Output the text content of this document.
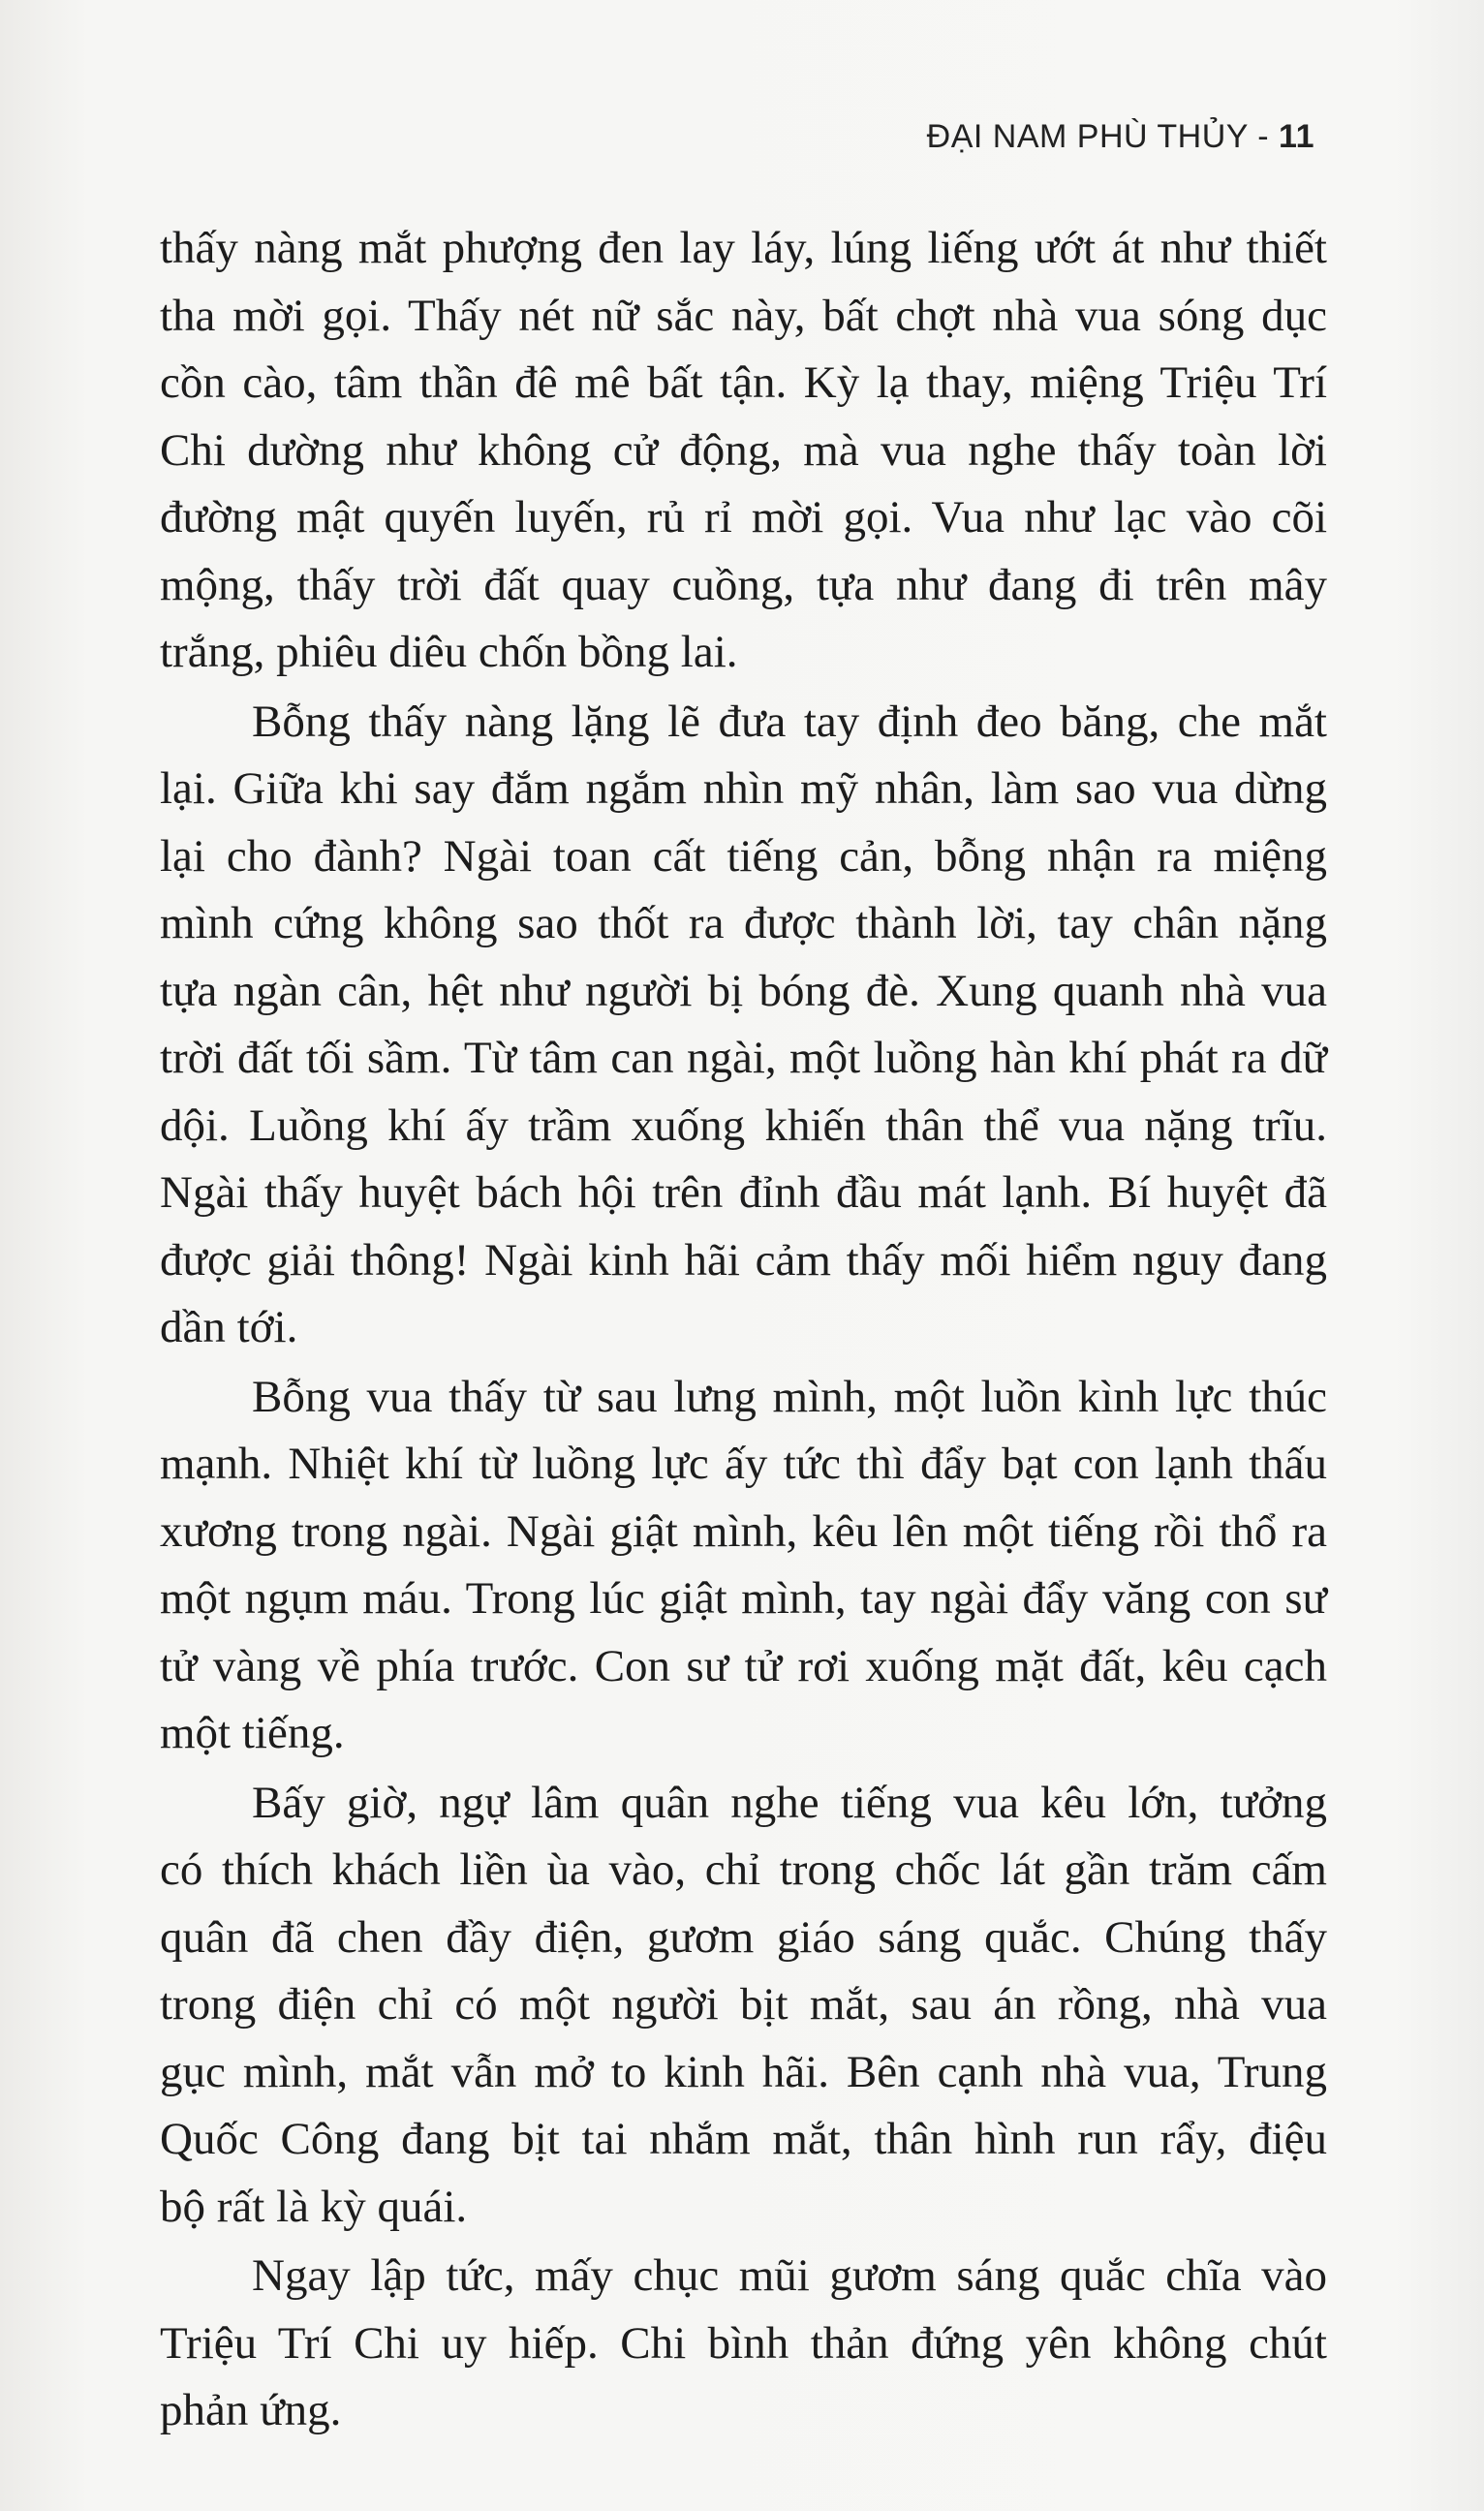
ĐẠI NAM PHÙ THỦY - 11

thấy nàng mắt phượng đen lay láy, lúng liếng ướt át như thiết
tha mời gọi. Thấy nét nữ sắc này, bất chợt nhà vua sóng dục
cồn cào, tâm thần đê mê bất tận. Kỳ lạ thay, miệng Triệu Trí
Chi dường như không cử động, mà vua nghe thấy toàn lời
đường mật quyến luyến, rủ rỉ mời gọi. Vua như lạc vào cõi
mộng, thấy trời đất quay cuồng, tựa như đang đi trên mây
trắng, phiêu diêu chốn bồng lai.

Bỗng thấy nàng lặng lẽ đưa tay định đeo băng, che mắt
lại. Giữa khi say đắm ngắm nhìn mỹ nhân, làm sao vua dừng
lại cho đành? Ngài toan cất tiếng cản, bỗng nhận ra miệng
mình cứng không sao thốt ra được thành lời, tay chân nặng
tựa ngàn cân, hệt như người bị bóng đè. Xung quanh nhà vua
trời đất tối sầm. Từ tâm can ngài, một luồng hàn khí phát ra dữ
dội. Luồng khí ấy trầm xuống khiến thân thể vua nặng trĩu.
Ngài thấy huyệt bách hội trên đỉnh đầu mát lạnh. Bí huyệt đã
được giải thông! Ngài kinh hãi cảm thấy mối hiểm nguy đang
dần tới.

Bỗng vua thấy từ sau lưng mình, một luồn kình lực thúc
mạnh. Nhiệt khí từ luồng lực ấy tức thì đẩy bạt con lạnh thấu
xương trong ngài. Ngài giật mình, kêu lên một tiếng rồi thổ ra
một ngụm máu. Trong lúc giật mình, tay ngài đẩy văng con sư
tử vàng về phía trước. Con sư tử rơi xuống mặt đất, kêu cạch
một tiếng.

Bấy giờ, ngự lâm quân nghe tiếng vua kêu lớn, tưởng
có thích khách liền ùa vào, chỉ trong chốc lát gần trăm cấm
quân đã chen đầy điện, gươm giáo sáng quắc. Chúng thấy
trong điện chỉ có một người bịt mắt, sau án rồng, nhà vua
gục mình, mắt vẫn mở to kinh hãi. Bên cạnh nhà vua, Trung
Quốc Công đang bịt tai nhắm mắt, thân hình run rẩy, điệu
bộ rất là kỳ quái.

Ngay lập tức, mấy chục mũi gươm sáng quắc chĩa vào
Triệu Trí Chi uy hiếp. Chi bình thản đứng yên không chút
phản ứng.
